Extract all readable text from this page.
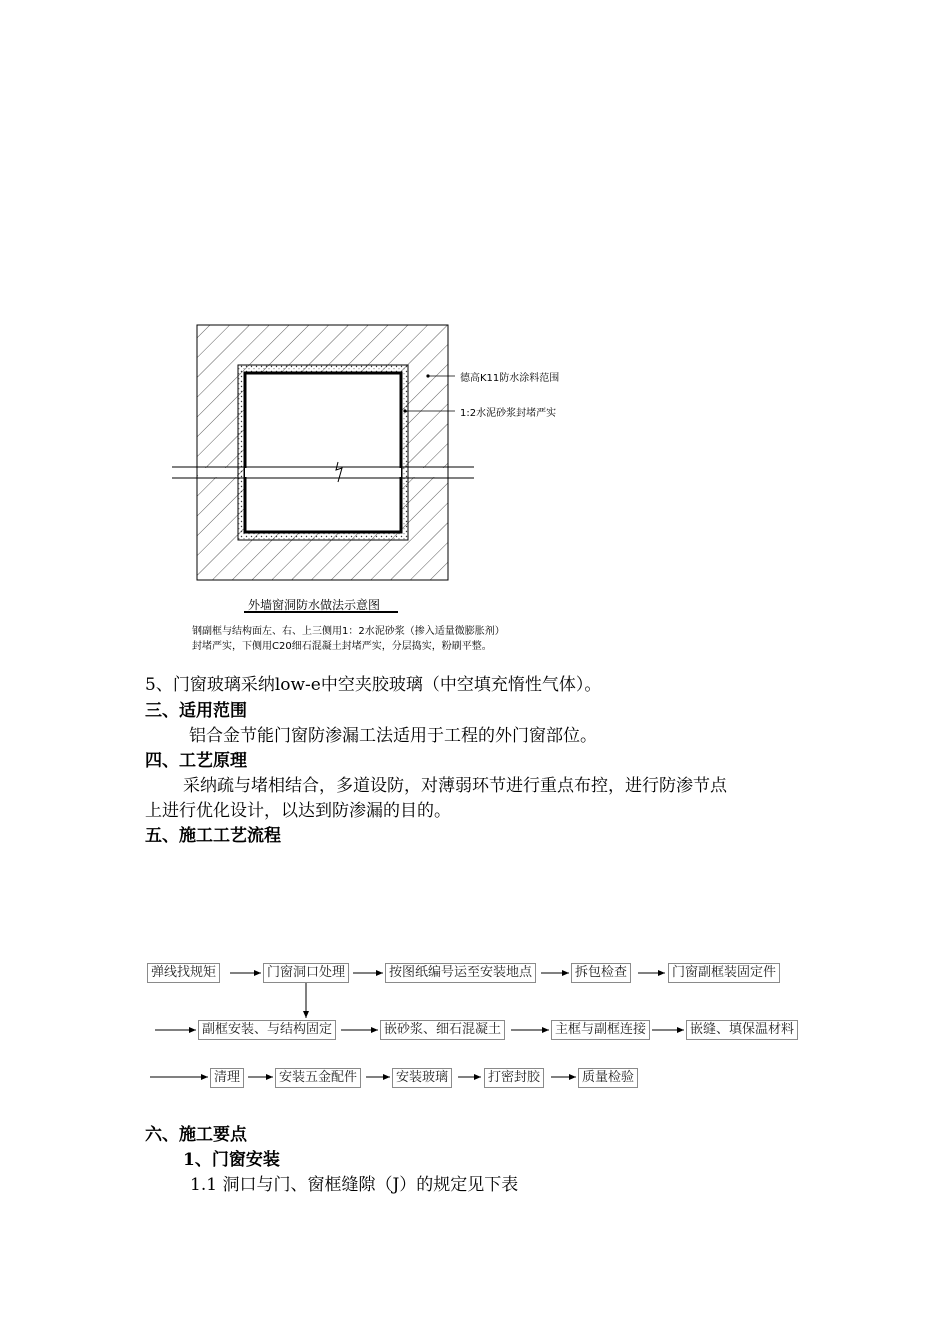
德高K11防水涂料范围
1:2水泥砂浆封堵严实
外墙窗洞防水做法示意图
钢副框与结构面左、右、上三侧用1：2水泥砂浆（掺入适量微膨胀剂）
封堵严实，下侧用C20细石混凝土封堵严实，分层捣实，粉刷平整。
5、门窗玻璃采纳low-e中空夹胶玻璃（中空填充惰性气体）。
三、适用范围
铝合金节能门窗防渗漏工法适用于工程的外门窗部位。
四、工艺原理
采纳疏与堵相结合，多道设防，对薄弱环节进行重点布控，进行防渗节点
上进行优化设计，以达到防渗漏的目的。
五、施工工艺流程
弹线找规矩	门窗洞口处理	按图纸编号运至安装地点	拆包检查	门窗副框装固定件
副框安装、与结构固定	嵌砂浆、细石混凝土	主框与副框连接	嵌缝、填保温材料
清理	安装五金配件	安装玻璃	打密封胶	质量检验
六、施工要点
1、门窗安装
1.1 洞口与门、窗框缝隙（J）的规定见下表
